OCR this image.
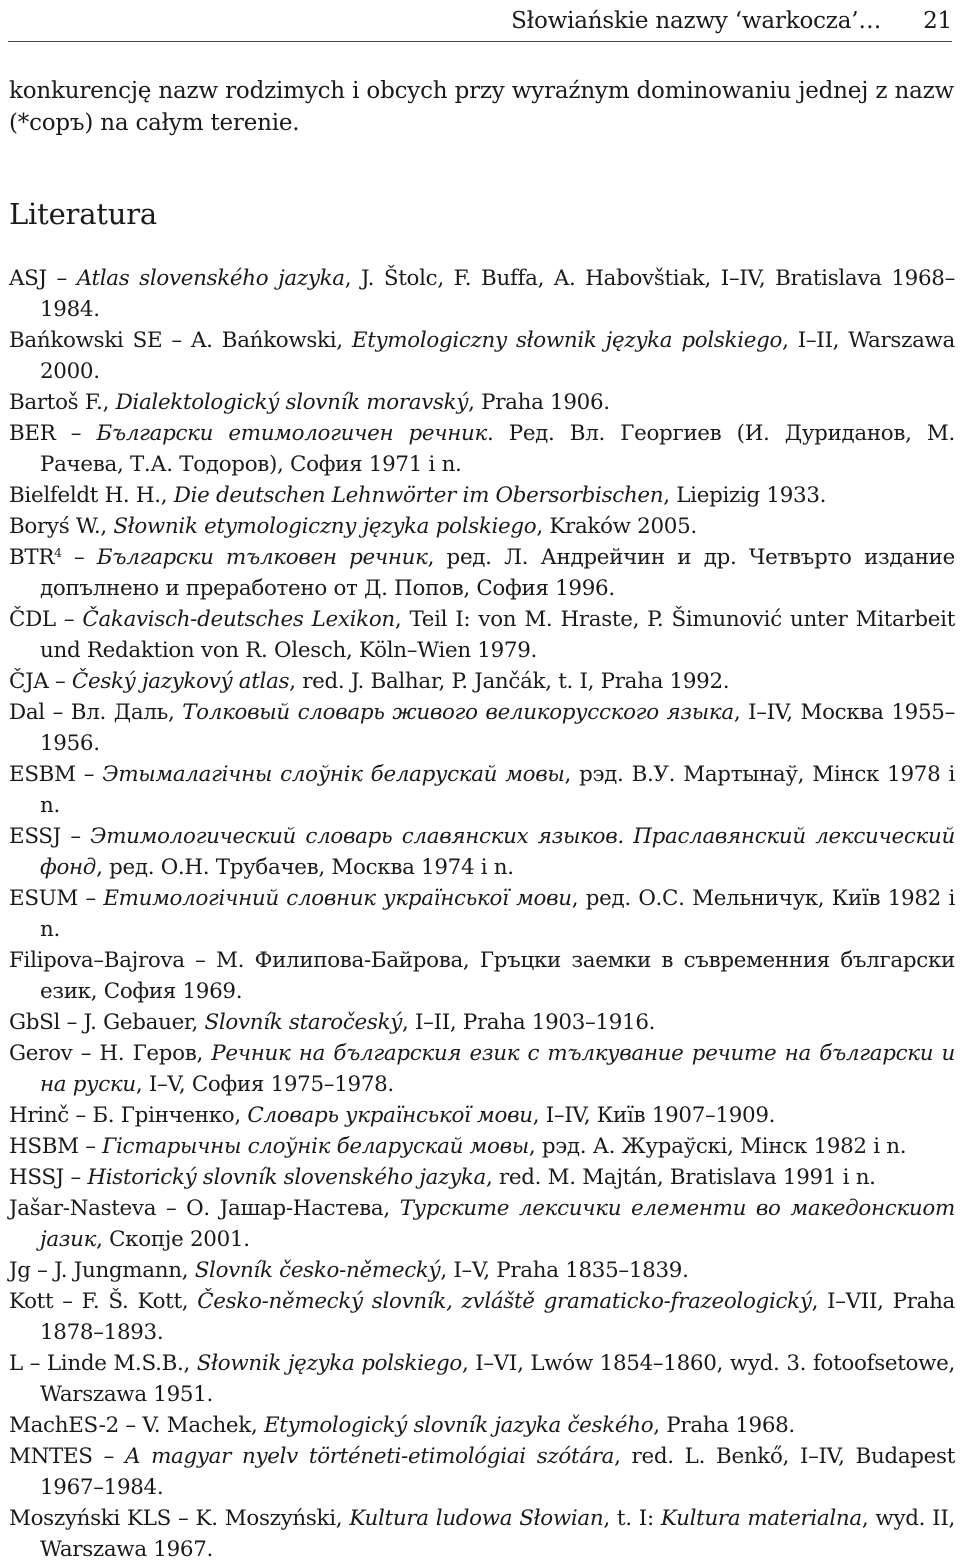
Słowiańskie nazwy ‘warkocza’… 21
konkurencję nazw rodzimych i obcych przy wyraźnym dominowaniu jednej z nazw (*соръ) na całym terenie.
Literatura
ASJ – Atlas slovenského jazyka, J. Štolc, F. Buffa, A. Habovštiak, I–IV, Bratislava 1968–1984.
Bańkowski SE – A. Bańkowski, Etymologiczny słownik języka polskiego, I–II, Warszawa 2000.
Bartoš F., Dialektologický slovník moravský, Praha 1906.
BER – Български етимологичен речник. Ред. Вл. Георгиев (И. Дуриданов, М. Рачева, Т.А. Тодоров), София 1971 i n.
Bielfeldt H. H., Die deutschen Lehnwörter im Obersorbischen, Liepizig 1933.
Boryś W., Słownik etymologiczny języka polskiego, Kraków 2005.
BTR$^4$ – Български тълковен речник, ред. Л. Андрейчин и др. Четвърто издание допълнено и преработено от Д. Попов, София 1996.
ČDL – Čakavisch-deutsches Lexikon, Teil I: von M. Hraste, P. Šimunović unter Mitarbeit und Redaktion von R. Olesch, Köln–Wien 1979.
ČJA – Český jazykový atlas, red. J. Balhar, P. Jančák, t. I, Praha 1992.
Dal – Вл. Даль, Толковый словарь живого великорусского языка, I–IV, Москва 1955–1956.
ESBM – Этымалагічны слоўнік беларускай мовы, рэд. В.У. Мартынаў, Мінск 1978 i n.
ESSJ – Этимологический словарь славянских языков. Праславянский лексический фонд, ред. О.Н. Трубачев, Москва 1974 i n.
ESUM – Етимологічний словник української мови, ред. О.С. Мельничук, Київ 1982 i n.
Filipova–Bajrova – М. Филипова-Байрова, Гръцки заемки в съвременния български език, София 1969.
GbSl – J. Gebauer, Slovník staročeský, I–II, Praha 1903–1916.
Gerov – Н. Геров, Речник на българския език с тълкувание речите на български и на руски, I–V, София 1975–1978.
Hrinč – Б. Грінченко, Словарь української мови, I–IV, Київ 1907–1909.
HSBM – Гістарычны слоўнік беларускай мовы, рэд. А. Жураўскі, Мінск 1982 i n.
HSSJ – Historický slovník slovenského jazyka, red. M. Majtán, Bratislava 1991 i n.
Jašar-Nasteva – О. Јашар-Настева, Турските лексички елементи во македонскиот јазик, Скопје 2001.
Jg – J. Jungmann, Slovník česko-německý, I–V, Praha 1835–1839.
Kott – F. Š. Kott, Česko-německý slovník, zvláště gramaticko-frazeologický, I–VII, Praha 1878–1893.
L – Linde M.S.B., Słownik języka polskiego, I–VI, Lwów 1854–1860, wyd. 3. fotoofsetowe, Warszawa 1951.
MachES-2 – V. Machek, Etymologický slovník jazyka českého, Praha 1968.
MNTES – A magyar nyelv történeti-etimológiai szótára, red. L. Benkő, I–IV, Budapest 1967–1984.
Moszyński KLS – K. Moszyński, Kultura ludowa Słowian, t. I: Kultura materialna, wyd. II, Warszawa 1967.
